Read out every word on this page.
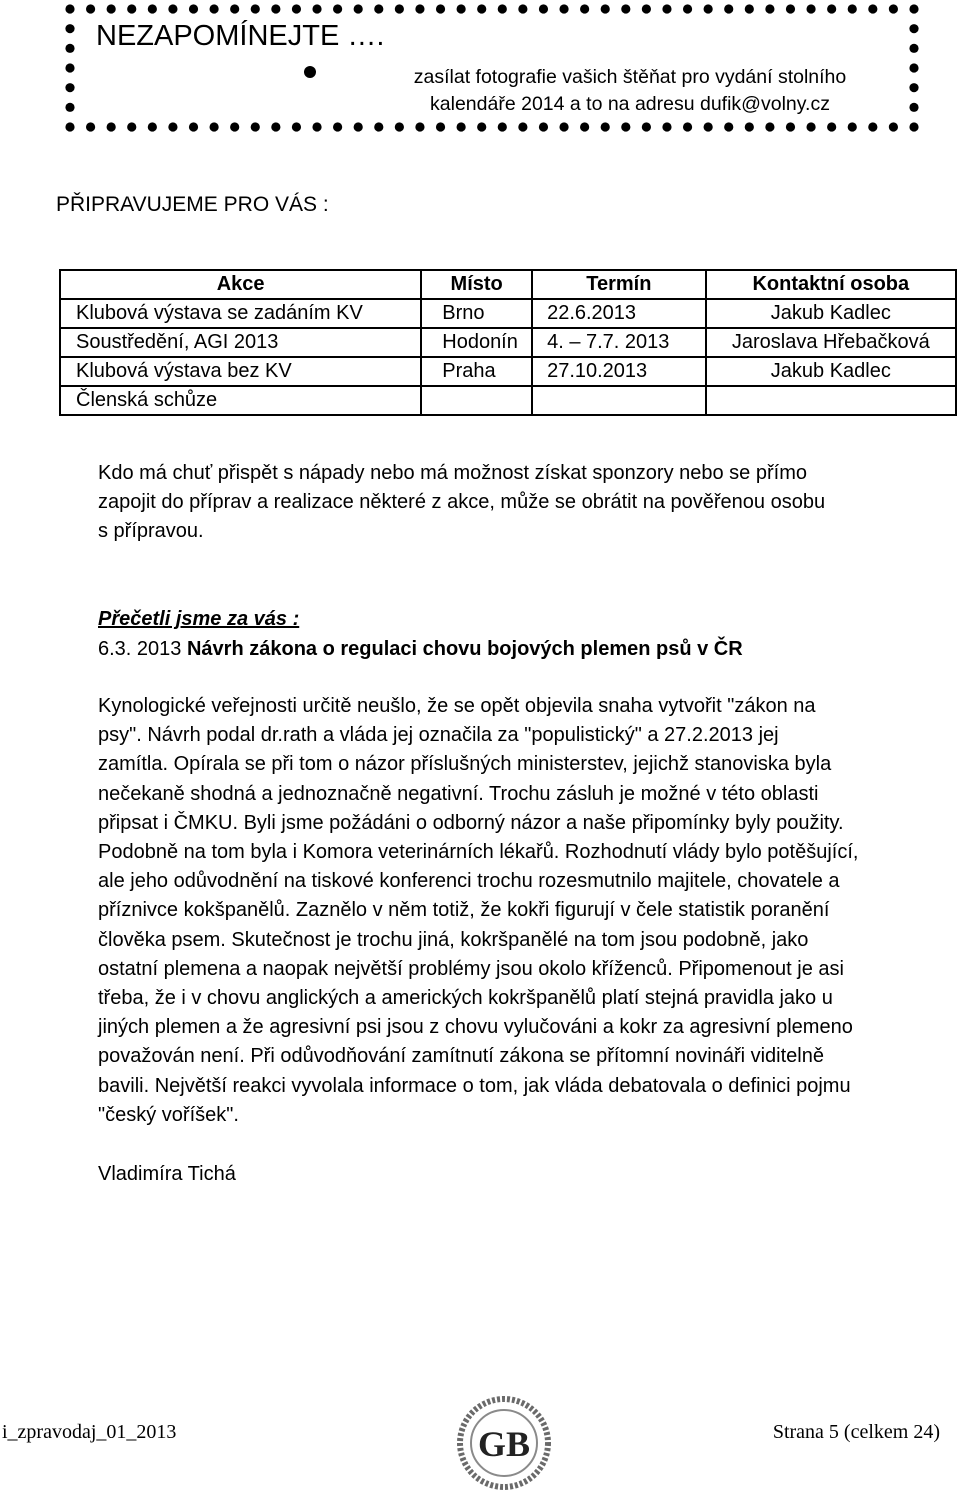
NEZAPOMÍNEJTE ….
zasílat fotografie vašich štěňat pro vydání stolního
kalendáře 2014 a to na adresu dufik@volny.cz
PŘIPRAVUJEME PRO VÁS :
Akce	Místo	Termín	Kontaktní osoba
Klubová výstava se zadáním KV	Brno	22.6.2013	Jakub Kadlec
Soustředění, AGI 2013	Hodonín	4. – 7.7. 2013	Jaroslava Hřebačková
Klubová výstava bez KV	Praha	27.10.2013	Jakub Kadlec
Členská schůze			

Kdo má chuť přispět s nápady nebo má možnost získat sponzory nebo se přímo
zapojit do příprav a realizace některé z akce, může se obrátit na pověřenou osobu
s přípravou.

Přečetli jsme za vás :
6.3. 2013 Návrh zákona o regulaci chovu bojových plemen psů v ČR

Kynologické veřejnosti určitě neušlo, že se opět objevila snaha vytvořit "zákon na
psy". Návrh podal dr.rath a vláda jej označila za "populistický" a 27.2.2013 jej
zamítla. Opírala se při tom o názor příslušných ministerstev, jejichž stanoviska byla
nečekaně shodná a jednoznačně negativní. Trochu zásluh je možné v této oblasti
připsat i ČMKU. Byli jsme požádáni o odborný názor a naše připomínky byly použity.
Podobně na tom byla i Komora veterinárních lékařů. Rozhodnutí vlády bylo potěšující,
ale jeho odůvodnění na tiskové konferenci trochu rozesmutnilo majitele, chovatele a
příznivce kokšpanělů. Zaznělo v něm totiž, že kokři figurují v čele statistik poranění
člověka psem. Skutečnost je trochu jiná, kokršpanělé na tom jsou podobně, jako
ostatní plemena a naopak největší problémy jsou okolo kříženců. Připomenout je asi
třeba, že i v chovu anglických a amerických kokršpanělů platí stejná pravidla jako u
jiných plemen a že agresivní psi jsou z chovu vylučováni a kokr za agresivní plemeno
považován není. Při odůvodňování zamítnutí zákona se přítomní novináři viditelně
bavili. Největší reakci vyvolala informace o tom, jak vláda debatovala o definici pojmu
"český voříšek".

Vladimíra Tichá
i_zpravodaj_01_2013	GB	Strana 5 (celkem 24)
